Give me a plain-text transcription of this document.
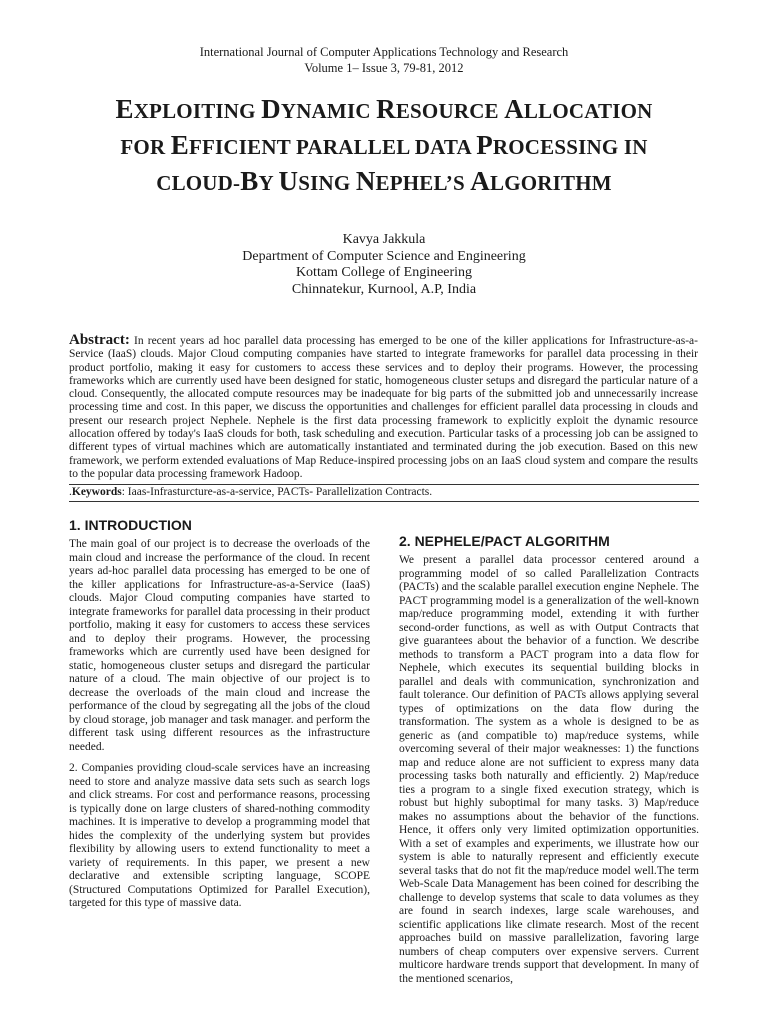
International Journal of Computer Applications Technology and Research
Volume 1– Issue 3, 79-81, 2012
EXPLOITING DYNAMIC RESOURCE ALLOCATION
FOR EFFICIENT PARALLEL DATA PROCESSING IN
CLOUD-BY USING NEPHEL’S ALGORITHM
Kavya Jakkula
Department of Computer Science and Engineering
Kottam College of Engineering
Chinnatekur, Kurnool, A.P, India
Abstract: In recent years ad hoc parallel data processing has emerged to be one of the killer applications for Infrastructure-as-a-Service (IaaS) clouds. Major Cloud computing companies have started to integrate frameworks for parallel data processing in their product portfolio, making it easy for customers to access these services and to deploy their programs. However, the processing frameworks which are currently used have been designed for static, homogeneous cluster setups and disregard the particular nature of a cloud. Consequently, the allocated compute resources may be inadequate for big parts of the submitted job and unnecessarily increase processing time and cost. In this paper, we discuss the opportunities and challenges for efficient parallel data processing in clouds and present our research project Nephele. Nephele is the first data processing framework to explicitly exploit the dynamic resource allocation offered by today's IaaS clouds for both, task scheduling and execution. Particular tasks of a processing job can be assigned to different types of virtual machines which are automatically instantiated and terminated during the job execution. Based on this new framework, we perform extended evaluations of Map Reduce-inspired processing jobs on an IaaS cloud system and compare the results to the popular data processing framework Hadoop.
.Keywords: Iaas-Infrasturcture-as-a-service, PACTs- Parallelization Contracts.
1. INTRODUCTION

The main goal of our project is to decrease the overloads of the main cloud and increase the performance of the cloud. In recent years ad-hoc parallel data processing has emerged to be one of the killer applications for Infrastructure-as-a-Service (IaaS) clouds. Major Cloud computing companies have started to integrate frameworks for parallel data processing in their product portfolio, making it easy for customers to access these services and to deploy their programs. However, the processing frameworks which are currently used have been designed for static, homogeneous cluster setups and disregard the particular nature of a cloud. The main objective of our project is to decrease the overloads of the main cloud and increase the performance of the cloud by segregating all the jobs of the cloud by cloud storage, job manager and task manager. and perform the different task using different resources as the infrastructure needed.

2. Companies providing cloud-scale services have an increasing need to store and analyze massive data sets such as search logs and click streams. For cost and performance reasons, processing is typically done on large clusters of shared-nothing commodity machines. It is imperative to develop a programming model that hides the complexity of the underlying system but provides flexibility by allowing users to extend functionality to meet a variety of requirements. In this paper, we present a new declarative and extensible scripting language, SCOPE (Structured Computations Optimized for Parallel Execution), targeted for this type of massive data.

2. NEPHELE/PACT ALGORITHM

We present a parallel data processor centered around a programming model of so called Parallelization Contracts (PACTs) and the scalable parallel execution engine Nephele. The PACT programming model is a generalization of the well-known map/reduce programming model, extending it with further second-order functions, as well as with Output Contracts that give guarantees about the behavior of a function. We describe methods to transform a PACT program into a data flow for Nephele, which executes its sequential building blocks in parallel and deals with communication, synchronization and fault tolerance. Our definition of PACTs allows applying several types of optimizations on the data flow during the transformation. The system as a whole is designed to be as generic as (and compatible to) map/reduce systems, while overcoming several of their major weaknesses: 1) the functions map and reduce alone are not sufficient to express many data processing tasks both naturally and efficiently. 2) Map/reduce ties a program to a single fixed execution strategy, which is robust but highly suboptimal for many tasks. 3) Map/reduce makes no assumptions about the behavior of the functions. Hence, it offers only very limited optimization opportunities. With a set of examples and experiments, we illustrate how our system is able to naturally represent and efficiently execute several tasks that do not fit the map/reduce model well.The term Web-Scale Data Management has been coined for describing the challenge to develop systems that scale to data volumes as they are found in search indexes, large scale warehouses, and scientific applications like climate research. Most of the recent approaches build on massive parallelization, favoring large numbers of cheap computers over expensive servers. Current multicore hardware trends support that development. In many of the mentioned scenarios,
